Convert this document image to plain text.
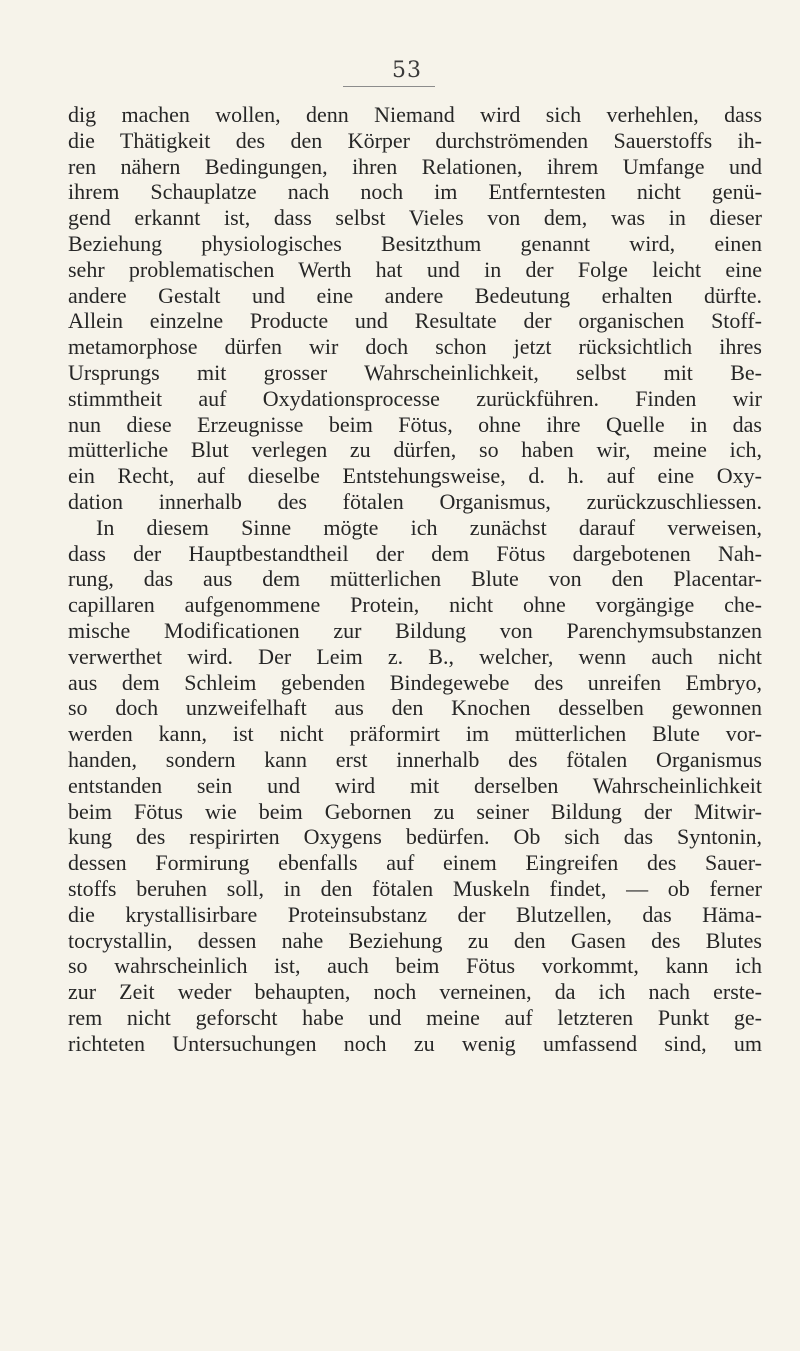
53
dig machen wollen, denn Niemand wird sich verhehlen, dass
die Thätigkeit des den Körper durchströmenden Sauerstoffs ih-
ren nähern Bedingungen, ihren Relationen, ihrem Umfange und
ihrem Schauplatze nach noch im Entferntesten nicht genü-
gend erkannt ist, dass selbst Vieles von dem, was in dieser
Beziehung physiologisches Besitzthum genannt wird, einen
sehr problematischen Werth hat und in der Folge leicht eine
andere Gestalt und eine andere Bedeutung erhalten dürfte.
Allein einzelne Producte und Resultate der organischen Stoff-
metamorphose dürfen wir doch schon jetzt rücksichtlich ihres
Ursprungs mit grosser Wahrscheinlichkeit, selbst mit Be-
stimmtheit auf Oxydationsprocesse zurückführen. Finden wir
nun diese Erzeugnisse beim Fötus, ohne ihre Quelle in das
mütterliche Blut verlegen zu dürfen, so haben wir, meine ich,
ein Recht, auf dieselbe Entstehungsweise, d. h. auf eine Oxy-
dation innerhalb des fötalen Organismus, zurückzuschliessen.
In diesem Sinne mögte ich zunächst darauf verweisen,
dass der Hauptbestandtheil der dem Fötus dargebotenen Nah-
rung, das aus dem mütterlichen Blute von den Placentar-
capillaren aufgenommene Protein, nicht ohne vorgängige che-
mische Modificationen zur Bildung von Parenchymsubstanzen
verwerthet wird. Der Leim z. B., welcher, wenn auch nicht
aus dem Schleim gebenden Bindegewebe des unreifen Embryo,
so doch unzweifelhaft aus den Knochen desselben gewonnen
werden kann, ist nicht präformirt im mütterlichen Blute vor-
handen, sondern kann erst innerhalb des fötalen Organismus
entstanden sein und wird mit derselben Wahrscheinlichkeit
beim Fötus wie beim Gebornen zu seiner Bildung der Mitwir-
kung des respirirten Oxygens bedürfen. Ob sich das Syntonin,
dessen Formirung ebenfalls auf einem Eingreifen des Sauer-
stoffs beruhen soll, in den fötalen Muskeln findet, — ob ferner
die krystallisirbare Proteinsubstanz der Blutzellen, das Häma-
tocrystallin, dessen nahe Beziehung zu den Gasen des Blutes
so wahrscheinlich ist, auch beim Fötus vorkommt, kann ich
zur Zeit weder behaupten, noch verneinen, da ich nach erste-
rem nicht geforscht habe und meine auf letzteren Punkt ge-
richteten Untersuchungen noch zu wenig umfassend sind, um
